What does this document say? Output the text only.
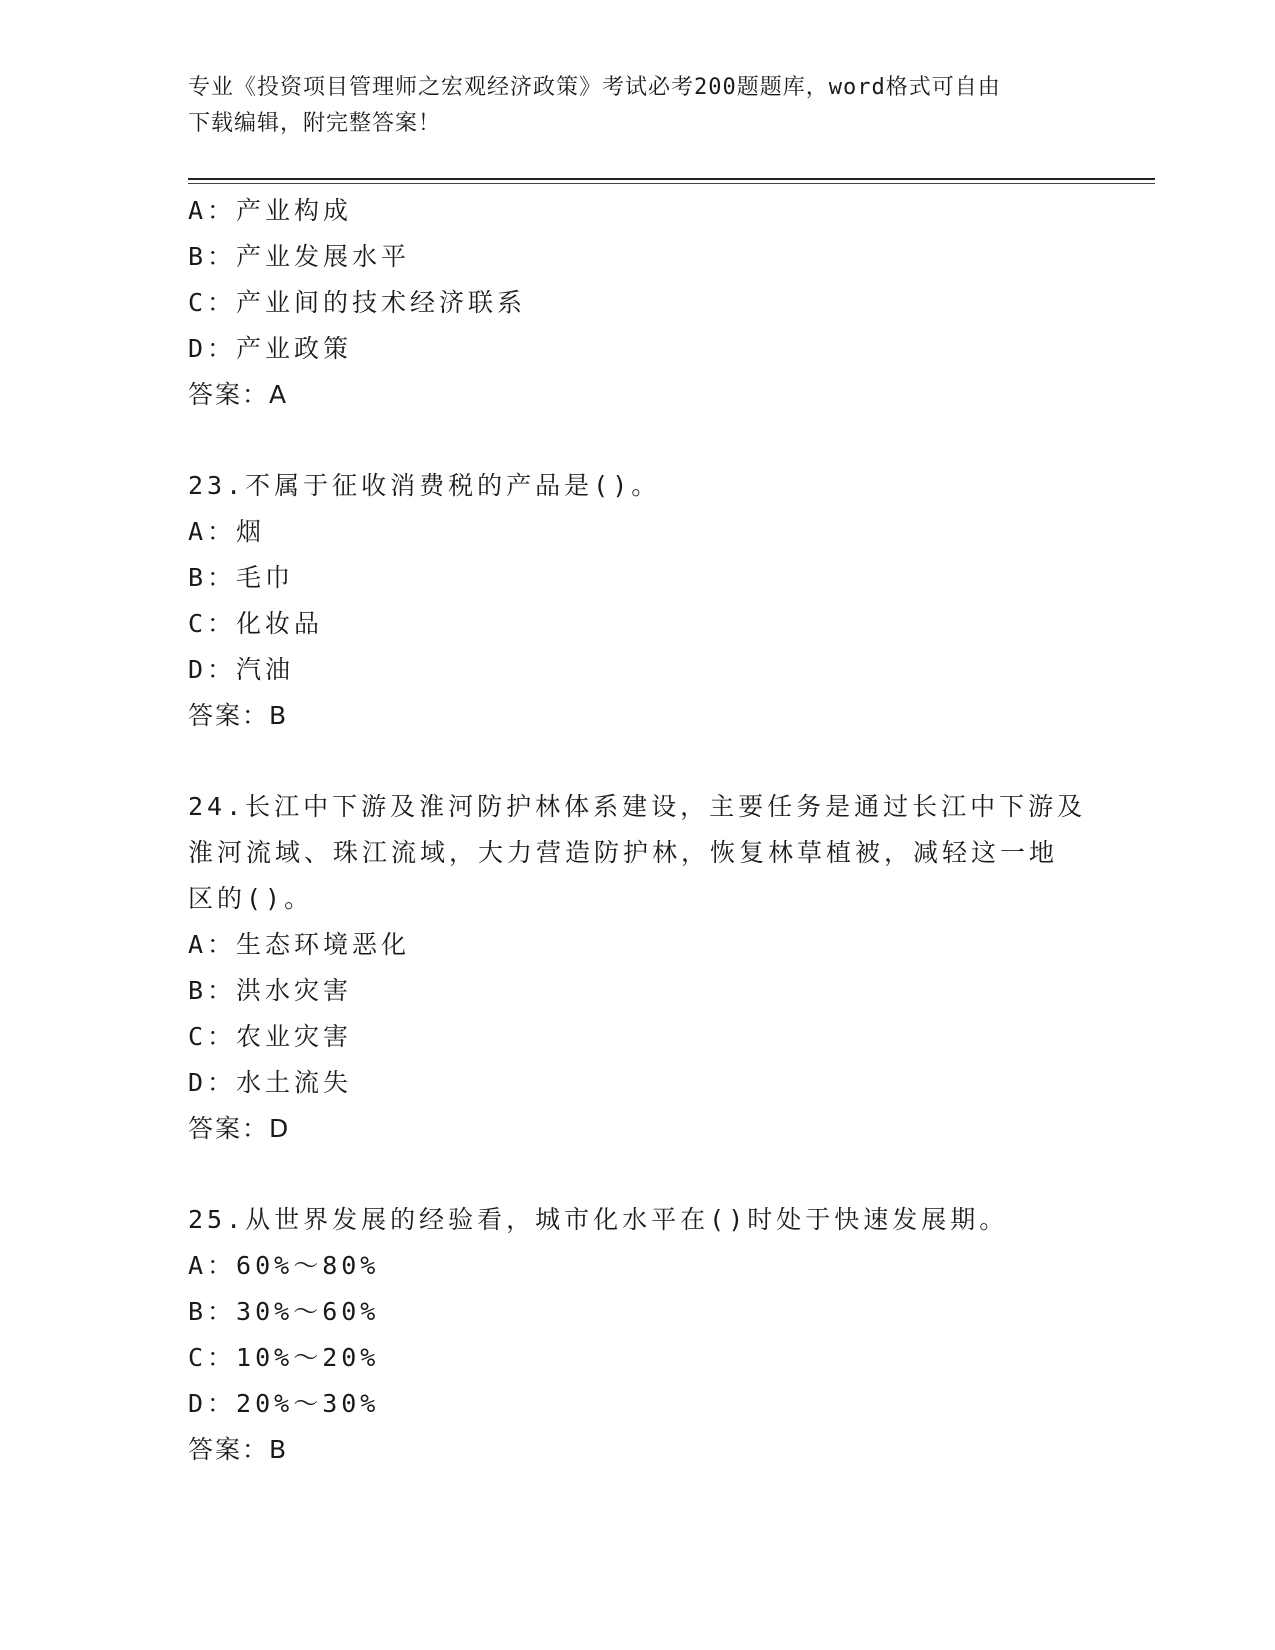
专业《投资项目管理师之宏观经济政策》考试必考200题题库，word格式可自由
下载编辑，附完整答案！
A：产业构成
B：产业发展水平
C：产业间的技术经济联系
D：产业政策
答案：A
23.不属于征收消费税的产品是()。
A：烟
B：毛巾
C：化妆品
D：汽油
答案：B
24.长江中下游及淮河防护林体系建设，主要任务是通过长江中下游及
淮河流域、珠江流域，大力营造防护林，恢复林草植被，减轻这一地
区的()。
A：生态环境恶化
B：洪水灾害
C：农业灾害
D：水土流失
答案：D
25.从世界发展的经验看，城市化水平在()时处于快速发展期。
A：60%～80%
B：30%～60%
C：10%～20%
D：20%～30%
答案：B
